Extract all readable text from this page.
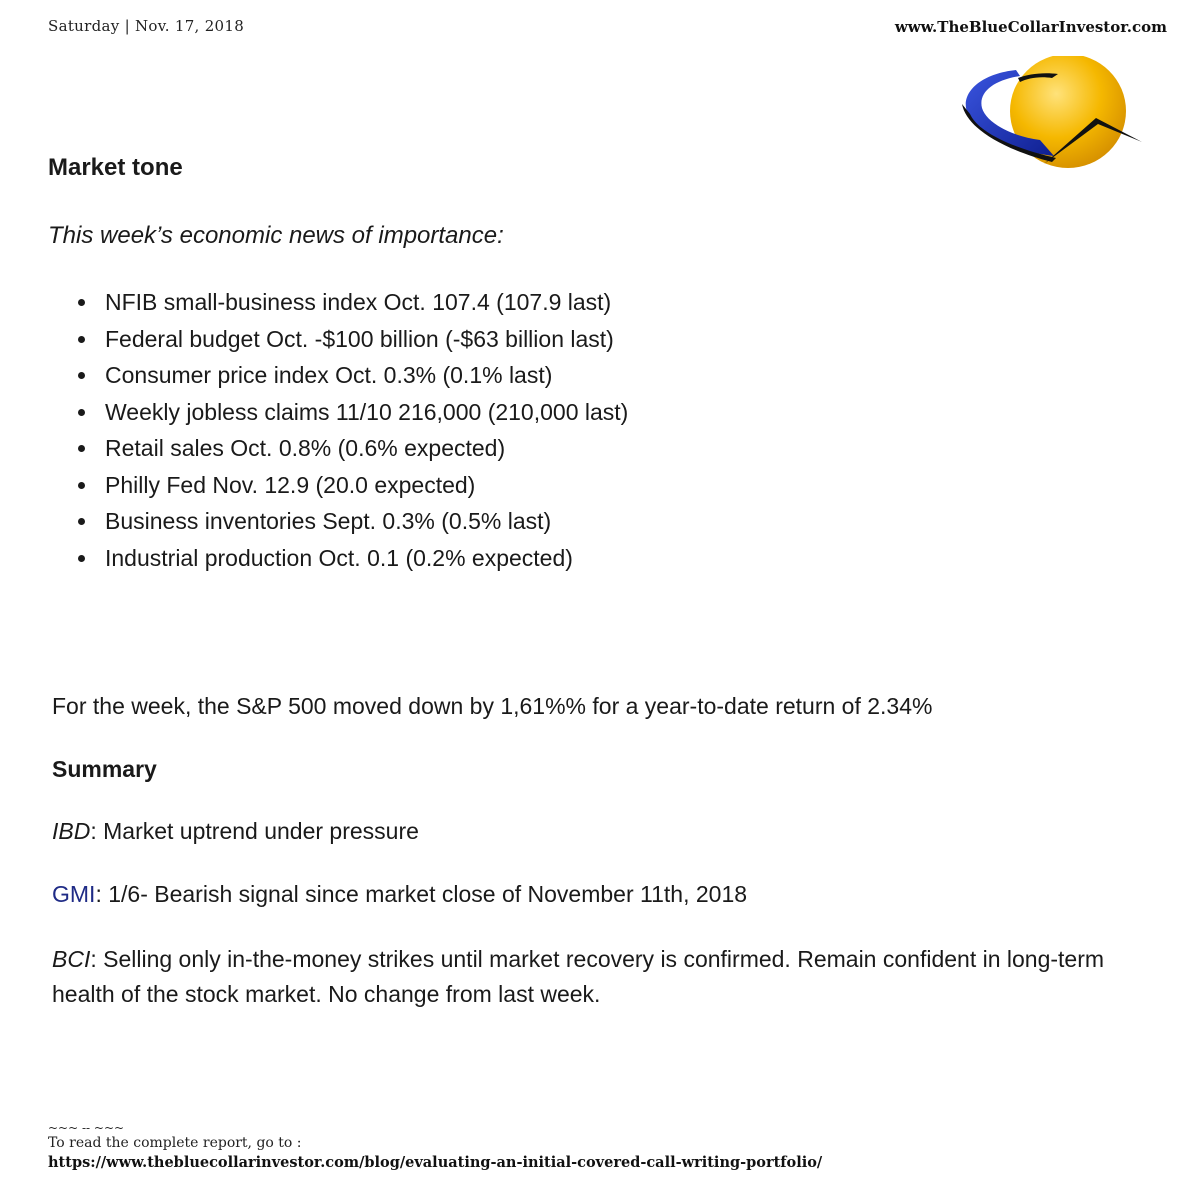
Saturday | Nov. 17, 2018	www.TheBlueCollarInvestor.com
Market tone

This week’s economic news of importance:

NFIB small-business index Oct. 107.4 (107.9 last)
Federal budget Oct. -$100 billion (-$63 billion last)
Consumer price index Oct. 0.3% (0.1% last)
Weekly jobless claims 11/10 216,000 (210,000 last)
Retail sales Oct. 0.8% (0.6% expected)
Philly Fed Nov. 12.9 (20.0 expected)
Business inventories Sept. 0.3% (0.5% last)
Industrial production Oct. 0.1 (0.2% expected)

For the week, the S&P 500 moved down by 1,61%% for a year-to-date return of 2.34%

Summary

IBD: Market uptrend under pressure

GMI: 1/6- Bearish signal since market close of November 11th, 2018

BCI: Selling only in-the-money strikes until market recovery is confirmed. Remain confident in long-term health of the stock market. No change from last week.

~~~ -- ~~~
To read the complete report, go to :
https://www.thebluecollarinvestor.com/blog/evaluating-an-initial-covered-call-writing-portfolio/
